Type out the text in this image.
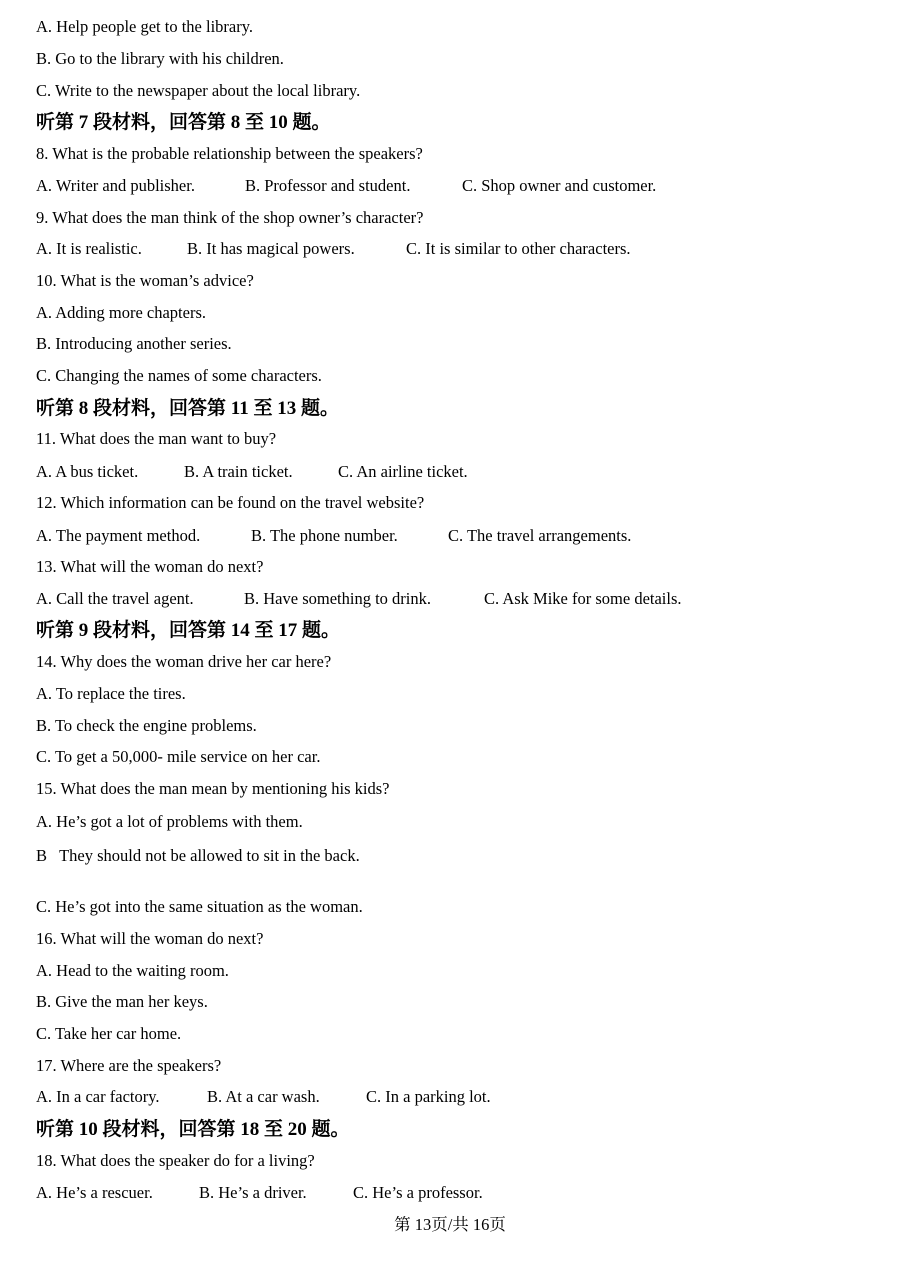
A. Help people get to the library.
B. Go to the library with his children.
C. Write to the newspaper about the local library.
听第 7 段材料，回答第 8 至 10 题。
8. What is the probable relationship between the speakers?

A. Writer and publisher.

	B. Professor and student.

	C. Shop owner and customer.

9. What does the man think of the shop owner’s character?

A. It is realistic.

	B. It has magical powers.

	C. It is similar to other characters.

10. What is the woman’s advice?
A. Adding more chapters.
B. Introducing another series.
C. Changing the names of some characters.
听第 8 段材料，回答第 11 至 13 题。
11. What does the man want to buy?

A. A bus ticket.

	B. A train ticket.

	C. An airline ticket.

12. Which information can be found on the travel website?

A. The payment method.

	B. The phone number.

	C. The travel arrangements.

13. What will the woman do next?

A. Call the travel agent.

	B. Have something to drink.

	C. Ask Mike for some details.

听第 9 段材料，回答第 14 至 17 题。
14. Why does the woman drive her car here?
A. To replace the tires.
B. To check the engine problems.
C. To get a 50,000- mile service on her car.
15. What does the man mean by mentioning his kids?
A. He’s got a lot of problems with them.
B   They should not be allowed to sit in the back.
C. He’s got into the same situation as the woman.
16. What will the woman do next?
A. Head to the waiting room.
B. Give the man her keys.
C. Take her car home.
17. Where are the speakers?

A. In a car factory.

	B. At a car wash.

	C. In a parking lot.

听第 10 段材料，回答第 18 至 20 题。
18. What does the speaker do for a living?

A. He’s a rescuer.

	B. He’s a driver.

	C. He’s a professor.

第 13页/共 16页
